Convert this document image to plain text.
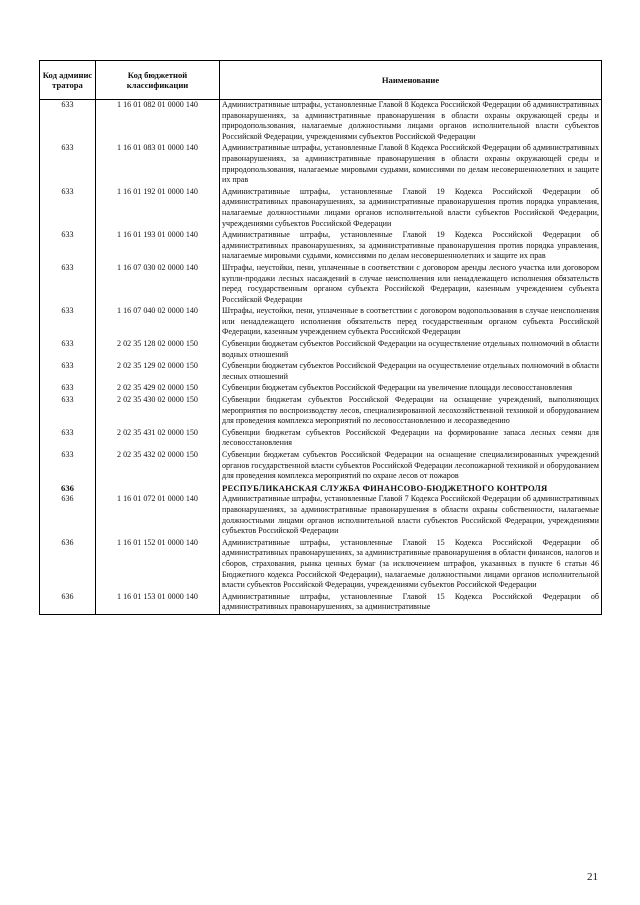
Код админис тратора	Код бюджетной классификации	Наименование
633	1 16 01 082 01 0000 140	Административные штрафы, установленные Главой 8 Кодекса Российской Федерации об административных правонарушениях, за административные правонарушения в области охраны окружающей среды и природопользования, налагаемые должностными лицами органов исполнительной власти субъектов Российской Федерации, учреждениями субъектов Российской Федерации
633	1 16 01 083 01 0000 140	Административные штрафы, установленные Главой 8 Кодекса Российской Федерации об административных правонарушениях, за административные правонарушения в области охраны окружающей среды и природопользования, налагаемые мировыми судьями, комиссиями по делам несовершеннолетних и защите их прав
633	1 16 01 192 01 0000 140	Административные штрафы, установленные Главой 19 Кодекса Российской Федерации об административных правонарушениях, за административные правонарушения против порядка управления, налагаемые должностными лицами органов исполнительной власти субъектов Российской Федерации, учреждениями субъектов Российской Федерации
633	1 16 01 193 01 0000 140	Административные штрафы, установленные Главой 19 Кодекса Российской Федерации об административных правонарушениях, за административные правонарушения против порядка управления, налагаемые мировыми судьями, комиссиями по делам несовершеннолетних и защите их прав
633	1 16 07 030 02 0000 140	Штрафы, неустойки, пени, уплаченные в соответствии с договором аренды лесного участка или договором купли-продажи лесных насаждений в случае неисполнения или ненадлежащего исполнения обязательств перед государственным органом субъекта Российской Федерации, казенным учреждением субъекта Российской Федерации
633	1 16 07 040 02 0000 140	Штрафы, неустойки, пени, уплаченные в соответствии с договором водопользования в случае неисполнения или ненадлежащего исполнения обязательств перед государственным органом субъекта Российской Федерации, казенным учреждением субъекта Российской Федерации
633	2 02 35 128 02 0000 150	Субвенции бюджетам субъектов Российской Федерации на осуществление отдельных полномочий в области водных отношений
633	2 02 35 129 02 0000 150	Субвенции бюджетам субъектов Российской Федерации на осуществление отдельных полномочий в области лесных отношений
633	2 02 35 429 02 0000 150	Субвенции бюджетам субъектов Российской Федерации на увеличение площади лесовосстановления
633	2 02 35 430 02 0000 150	Субвенции бюджетам субъектов Российской Федерации на оснащение учреждений, выполняющих мероприятия по воспроизводству лесов, специализированной лесохозяйственной техникой и оборудованием для проведения комплекса мероприятий по лесовосстановлению и лесоразведению
633	2 02 35 431 02 0000 150	Субвенции бюджетам субъектов Российской Федерации на формирование запаса лесных семян для лесовосстановления
633	2 02 35 432 02 0000 150	Субвенции бюджетам субъектов Российской Федерации на оснащение специализированных учреждений органов государственной власти субъектов Российской Федерации лесопожарной техникой и оборудованием для проведения комплекса мероприятий по охране лесов от пожаров
636		РЕСПУБЛИКАНСКАЯ СЛУЖБА ФИНАНСОВО-БЮДЖЕТНОГО КОНТРОЛЯ
636	1 16 01 072 01 0000 140	Административные штрафы, установленные Главой 7 Кодекса Российской Федерации об административных правонарушениях, за административные правонарушения в области охраны собственности, налагаемые должностными лицами органов исполнительной власти субъектов Российской Федерации, учреждениями субъектов Российской Федерации
636	1 16 01 152 01 0000 140	Административные штрафы, установленные Главой 15 Кодекса Российской Федерации об административных правонарушениях, за административные правонарушения в области финансов, налогов и сборов, страхования, рынка ценных бумаг (за исключением штрафов, указанных в пункте 6 статьи 46 Бюджетного кодекса Российской Федерации), налагаемые должностными лицами органов исполнительной власти субъектов Российской Федерации, учреждениями субъектов Российской Федерации
636	1 16 01 153 01 0000 140	Административные штрафы, установленные Главой 15 Кодекса Российской Федерации об административных правонарушениях, за административные
21
